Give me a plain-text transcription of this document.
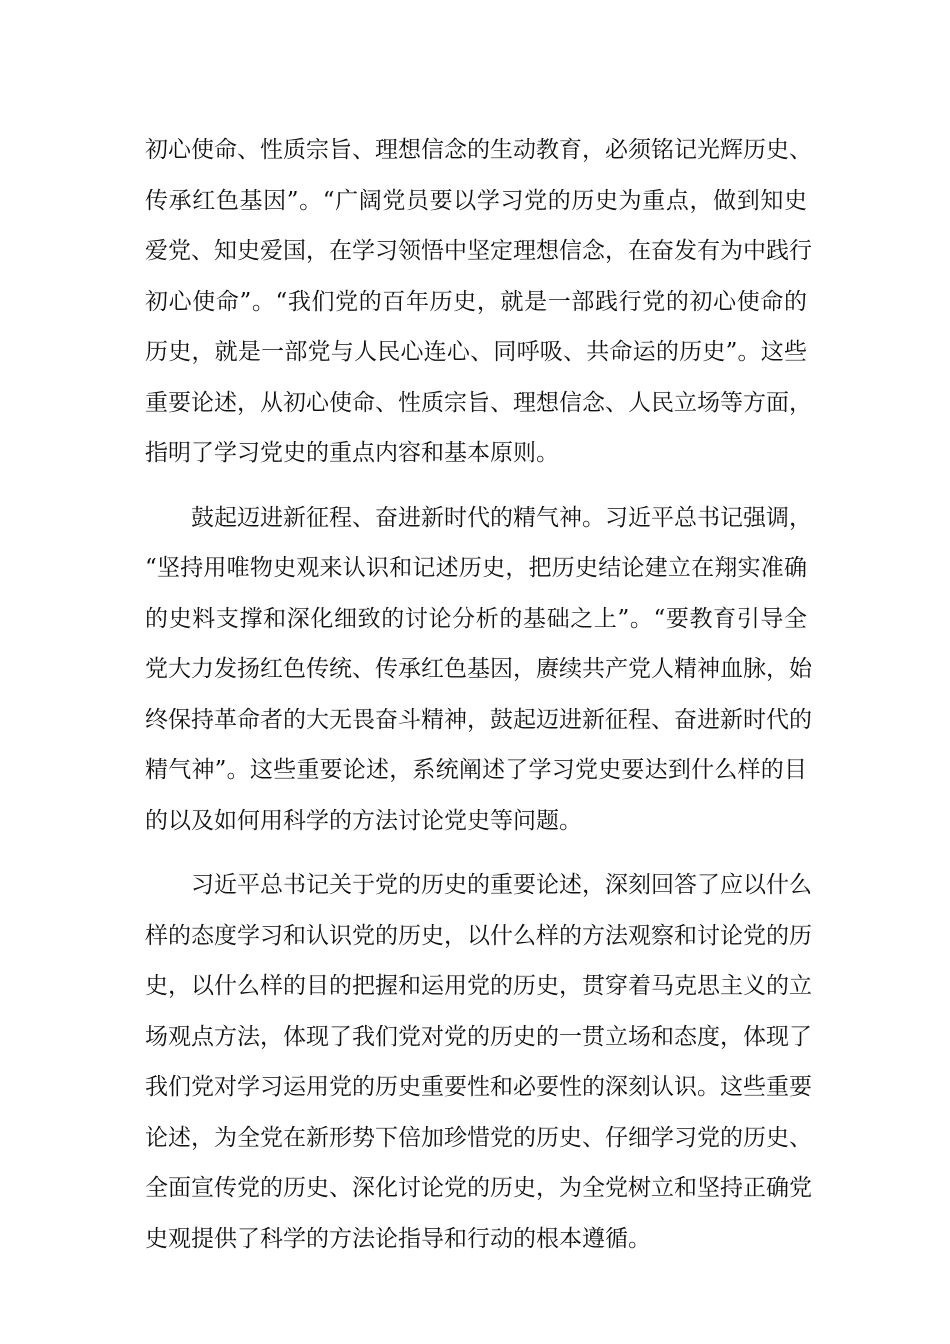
初心使命、性质宗旨、理想信念的生动教育，必须铭记光辉历史、
传承红色基因”。“广阔党员要以学习党的历史为重点，做到知史
爱党、知史爱国，在学习领悟中坚定理想信念，在奋发有为中践行
初心使命”。“我们党的百年历史，就是一部践行党的初心使命的
历史，就是一部党与人民心连心、同呼吸、共命运的历史”。这些
重要论述，从初心使命、性质宗旨、理想信念、人民立场等方面，
指明了学习党史的重点内容和基本原则。
鼓起迈进新征程、奋进新时代的精气神。习近平总书记强调，
“坚持用唯物史观来认识和记述历史，把历史结论建立在翔实准确
的史料支撑和深化细致的讨论分析的基础之上”。“要教育引导全
党大力发扬红色传统、传承红色基因，赓续共产党人精神血脉，始
终保持革命者的大无畏奋斗精神，鼓起迈进新征程、奋进新时代的
精气神”。这些重要论述，系统阐述了学习党史要达到什么样的目
的以及如何用科学的方法讨论党史等问题。
习近平总书记关于党的历史的重要论述，深刻回答了应以什么
样的态度学习和认识党的历史，以什么样的方法观察和讨论党的历
史，以什么样的目的把握和运用党的历史，贯穿着马克思主义的立
场观点方法，体现了我们党对党的历史的一贯立场和态度，体现了
我们党对学习运用党的历史重要性和必要性的深刻认识。这些重要
论述，为全党在新形势下倍加珍惜党的历史、仔细学习党的历史、
全面宣传党的历史、深化讨论党的历史，为全党树立和坚持正确党
史观提供了科学的方法论指导和行动的根本遵循。
